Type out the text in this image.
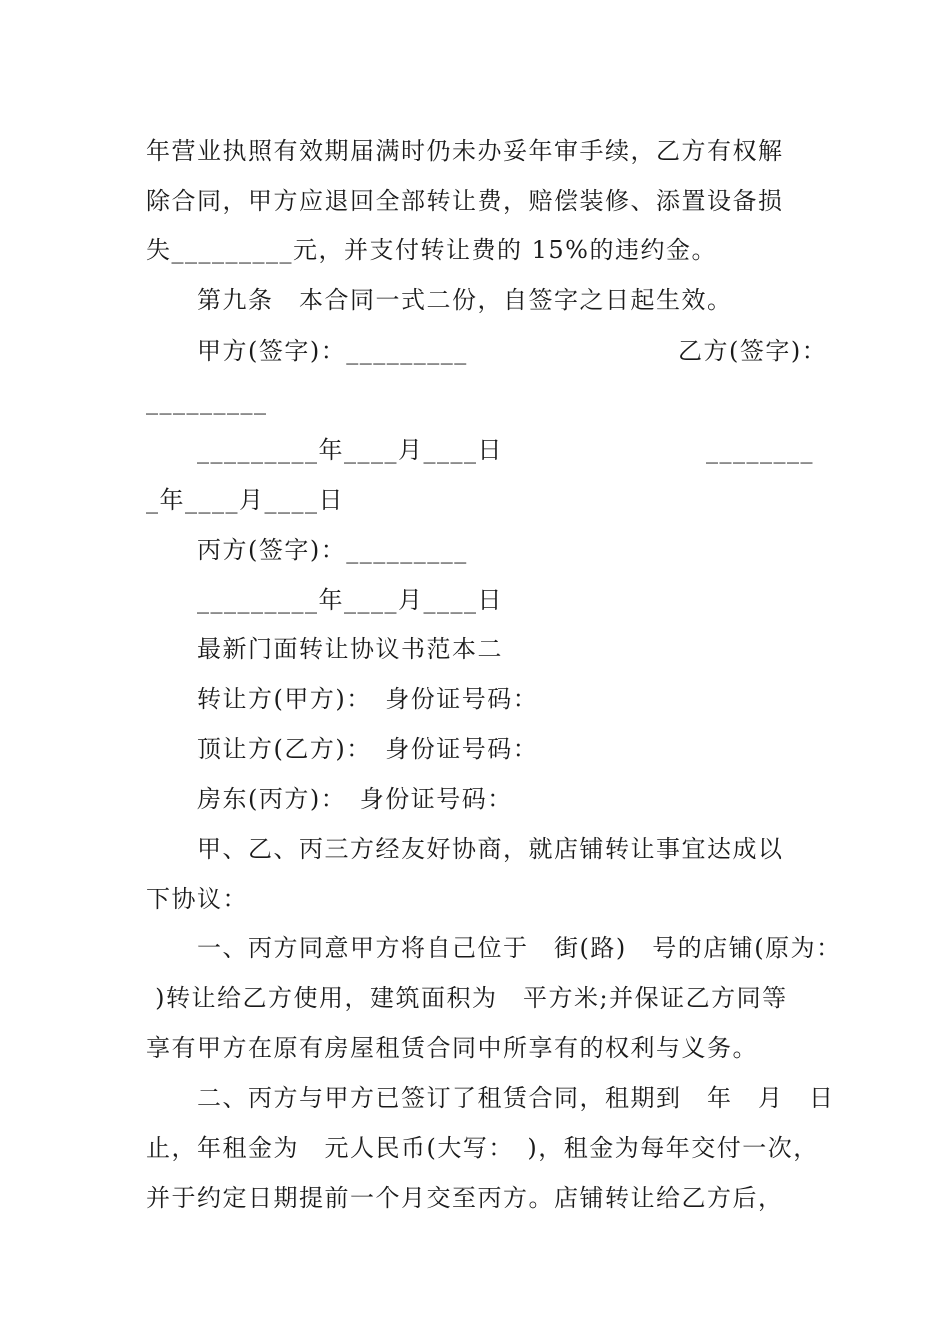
年营业执照有效期届满时仍未办妥年审手续，乙方有权解
除合同，甲方应退回全部转让费，赔偿装修、添置设备损
失_________元，并支付转让费的 15%的违约金。
第九条　本合同一式二份，自签字之日起生效。
甲方(签字)：_________	乙方(签字)：
_________
_________年____月____日	________
_年____月____日
丙方(签字)：_________
_________年____月____日
最新门面转让协议书范本二
转让方(甲方)：　身份证号码：
顶让方(乙方)：　身份证号码：
房东(丙方)：　身份证号码：
甲、乙、丙三方经友好协商，就店铺转让事宜达成以
下协议：
一、丙方同意甲方将自己位于　街(路)　号的店铺(原为：
)转让给乙方使用，建筑面积为　平方米;并保证乙方同等
享有甲方在原有房屋租赁合同中所享有的权利与义务。
二、丙方与甲方已签订了租赁合同，租期到　年　月　日
止，年租金为　元人民币(大写：　)，租金为每年交付一次，
并于约定日期提前一个月交至丙方。店铺转让给乙方后，
